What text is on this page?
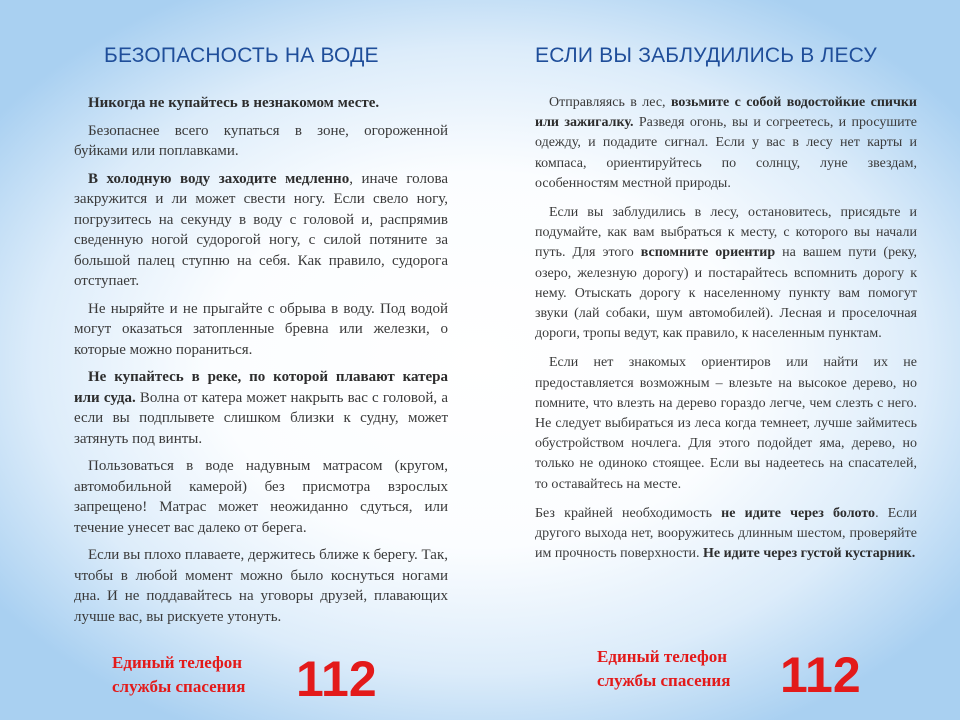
БЕЗОПАСНОСТЬ НА ВОДЕ	ЕСЛИ ВЫ ЗАБЛУДИЛИСЬ В ЛЕСУ

Никогда не купайтесь в незнакомом месте.

Безопаснее всего купаться в зоне, огороженной буйками или поплавками.

В холодную воду заходите медленно, иначе голова закружится и ли может свести ногу. Если свело ногу, погрузитесь на секунду в воду с головой и, распрямив сведенную ногой судорогой ногу, с силой потяните за большой палец ступню на себя. Как правило, судорога отступает.

Не ныряйте и не прыгайте с обрыва в воду. Под водой могут оказаться затопленные бревна или железки, о которые можно пораниться.

Не купайтесь в реке, по которой плавают катера или суда. Волна от катера может накрыть вас с головой, а если вы подплывете слишком близки к судну, может затянуть под винты.

Пользоваться в воде надувным матрасом (кругом, автомобильной камерой) без присмотра взрослых запрещено! Матрас может неожиданно сдуться, или течение унесет вас далеко от берега.

Если вы плохо плаваете, держитесь ближе к берегу. Так, чтобы в любой момент можно было коснуться ногами дна. И не поддавайтесь на уговоры друзей, плавающих лучше вас, вы рискуете утонуть.

Отправляясь в лес, возьмите с собой водостойкие спички или зажигалку. Разведя огонь, вы и согреетесь, и просушите одежду, и подадите сигнал. Если у вас в лесу нет карты и компаса, ориентируйтесь по солнцу, луне звездам, особенностям местной природы.

Если вы заблудились в лесу, остановитесь, присядьте и подумайте, как вам выбраться к месту, с которого вы начали путь. Для этого вспомните ориентир на вашем пути (реку, озеро, железную дорогу) и постарайтесь вспомнить дорогу к нему. Отыскать дорогу к населенному пункту вам помогут звуки (лай собаки, шум автомобилей). Лесная и проселочная дороги, тропы ведут, как правило, к населенным пунктам.

Если нет знакомых ориентиров или найти их не предоставляется возможным – влезьте на высокое дерево, но помните, что влезть на дерево гораздо легче, чем слезть с него. Не следует выбираться из леса когда темнеет, лучше займитесь обустройством ночлега. Для этого подойдет яма, дерево, но только не одиноко стоящее. Если вы надеетесь на спасателей, то оставайтесь на месте.

Без крайней необходимость не идите через болото. Если другого выхода нет, вооружитесь длинным шестом, проверяйте им прочность поверхности. Не идите через густой кустарник.

Единый телефон
службы спасения 112	Единый телефон
службы спасения 112
